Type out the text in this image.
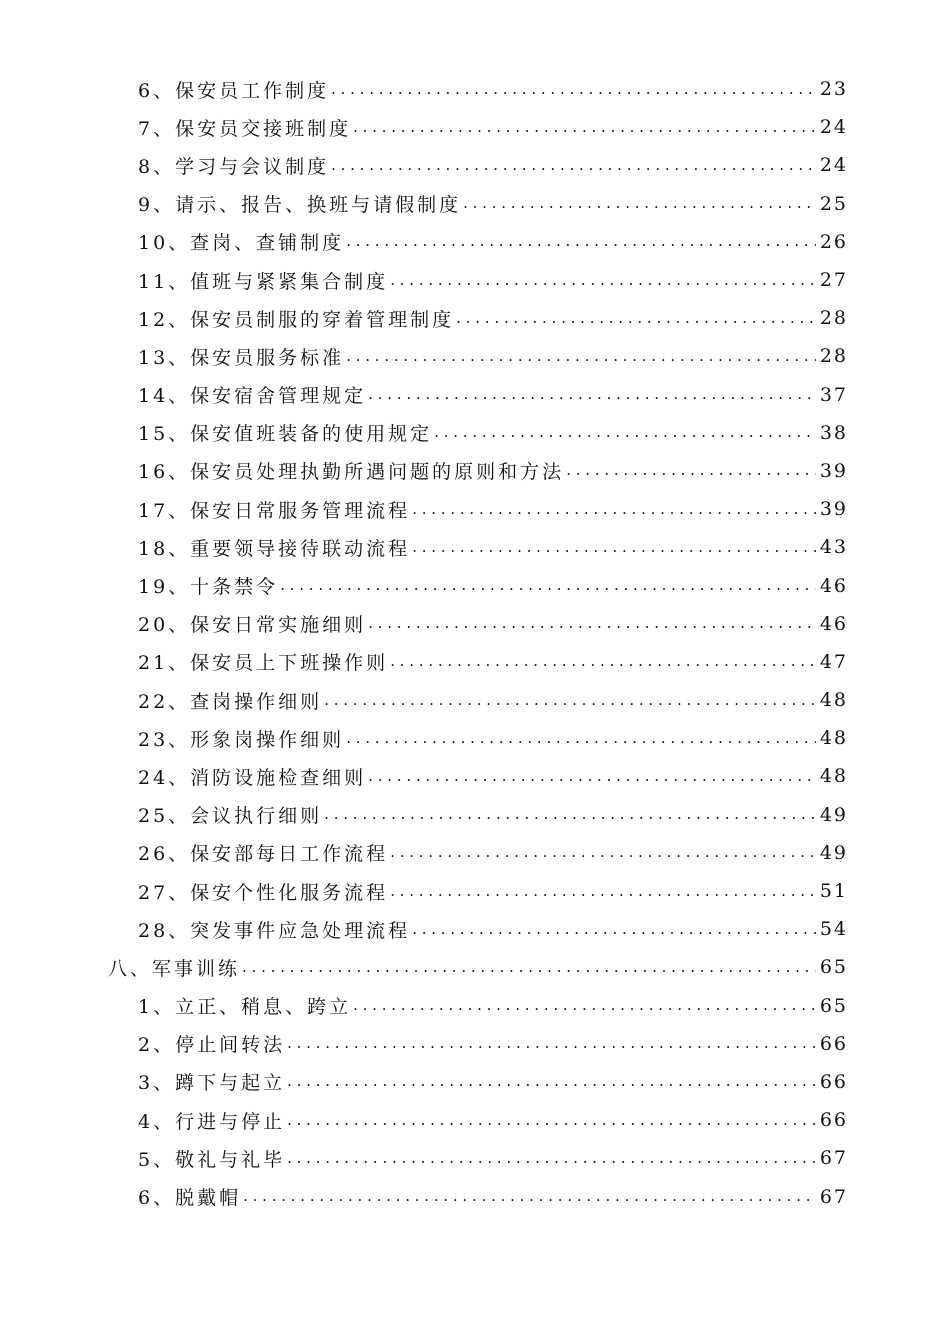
6、保安员工作制度 . . .	23
7、保安员交接班制度 . . .	24
8、学习与会议制度 . . .	24
9、请示、报告、换班与请假制度 . . .	25
10、查岗、查铺制度 . . .	26
11、值班与紧紧集合制度 . . .	27
12、保安员制服的穿着管理制度 . . .	28
13、保安员服务标准 . . .	28
14、保安宿舍管理规定 . . .	37
15、保安值班装备的使用规定 . . .	38
16、保安员处理执勤所遇问题的原则和方法 . . .	39
17、保安日常服务管理流程 . . .	39
18、重要领导接待联动流程 . . .	43
19、十条禁令 . . .	46
20、保安日常实施细则 . . .	46
21、保安员上下班操作则 . . .	47
22、查岗操作细则 . . .	48
23、形象岗操作细则 . . .	48
24、消防设施检查细则 . . .	48
25、会议执行细则 . . .	49
26、保安部每日工作流程 . . .	49
27、保安个性化服务流程 . . .	51
28、突发事件应急处理流程 . . .	54
八、军事训练 . . .	65
1、立正、稍息、跨立 . . .	65
2、停止间转法 . . .	66
3、蹲下与起立 . . .	66
4、行进与停止 . . .	66
5、敬礼与礼毕 . . .	67
6、脱戴帽 . . .	67
